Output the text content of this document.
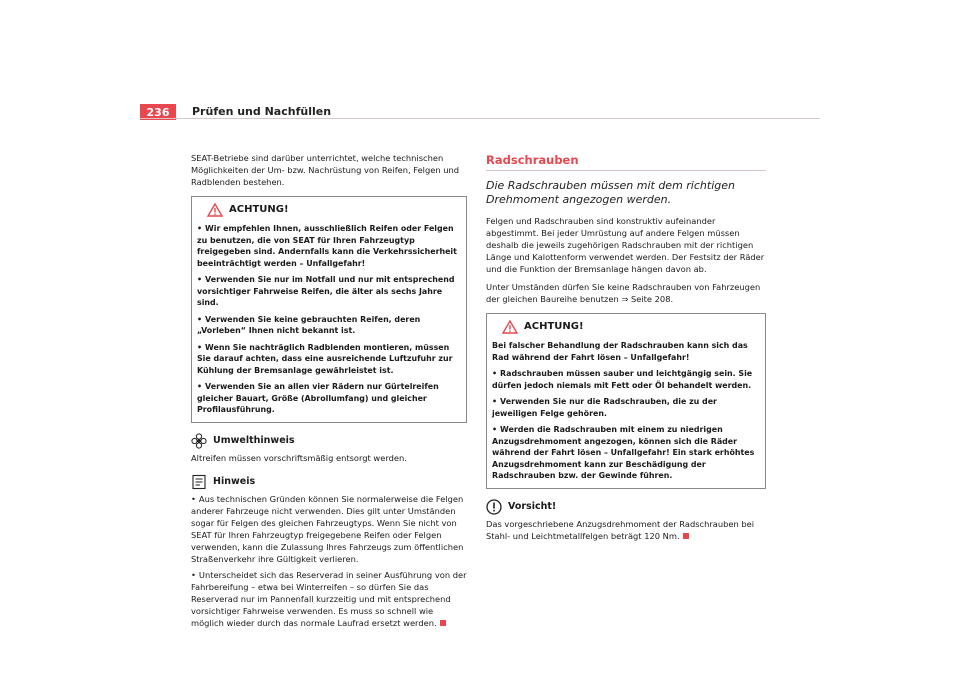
236	Prüfen und Nachfüllen

SEAT-Betriebe sind darüber unterrichtet, welche technischen Möglichkeiten der Um- bzw. Nachrüstung von Reifen, Felgen und Radblenden bestehen.

ACHTUNG!
• Wir empfehlen Ihnen, ausschließlich Reifen oder Felgen zu benutzen, die von SEAT für Ihren Fahrzeugtyp freigegeben sind. Andernfalls kann die Verkehrssicherheit beeinträchtigt werden – Unfallgefahr!
• Verwenden Sie nur im Notfall und nur mit entsprechend vorsichtiger Fahrweise Reifen, die älter als sechs Jahre sind.
• Verwenden Sie keine gebrauchten Reifen, deren „Vorleben“ Ihnen nicht bekannt ist.
• Wenn Sie nachträglich Radblenden montieren, müssen Sie darauf achten, dass eine ausreichende Luftzufuhr zur Kühlung der Bremsanlage gewährleistet ist.
• Verwenden Sie an allen vier Rädern nur Gürtelreifen gleicher Bauart, Größe (Abrollumfang) und gleicher Profilausführung.
Umwelthinweis

Altreifen müssen vorschriftsmäßig entsorgt werden.

Hinweis
• Aus technischen Gründen können Sie normalerweise die Felgen anderer Fahrzeuge nicht verwenden. Dies gilt unter Umständen sogar für Felgen des gleichen Fahrzeugtyps. Wenn Sie nicht von SEAT für Ihren Fahrzeugtyp freigegebene Reifen oder Felgen verwenden, kann die Zulassung Ihres Fahrzeugs zum öffentlichen Straßenverkehr ihre Gültigkeit verlieren.
• Unterscheidet sich das Reserverad in seiner Ausführung von der Fahrbereifung – etwa bei Winterreifen – so dürfen Sie das Reserverad nur im Pannenfall kurzzeitig und mit entsprechend vorsichtiger Fahrweise verwenden. Es muss so schnell wie möglich wieder durch das normale Laufrad ersetzt werden.
Radschrauben
Die Radschrauben müssen mit dem richtigen Drehmoment angezogen werden.

Felgen und Radschrauben sind konstruktiv aufeinander abgestimmt. Bei jeder Umrüstung auf andere Felgen müssen deshalb die jeweils zugehörigen Radschrauben mit der richtigen Länge und Kalottenform verwendet werden. Der Festsitz der Räder und die Funktion der Bremsanlage hängen davon ab.

Unter Umständen dürfen Sie keine Radschrauben von Fahrzeugen der gleichen Baureihe benutzen ⇒ Seite 208.

ACHTUNG!
Bei falscher Behandlung der Radschrauben kann sich das Rad während der Fahrt lösen – Unfallgefahr!
• Radschrauben müssen sauber und leichtgängig sein. Sie dürfen jedoch niemals mit Fett oder Öl behandelt werden.
• Verwenden Sie nur die Radschrauben, die zu der jeweiligen Felge gehören.
• Werden die Radschrauben mit einem zu niedrigen Anzugsdrehmoment angezogen, können sich die Räder während der Fahrt lösen – Unfallgefahr! Ein stark erhöhtes Anzugsdrehmoment kann zur Beschädigung der Radschrauben bzw. der Gewinde führen.
Vorsicht!

Das vorgeschriebene Anzugsdrehmoment der Radschrauben bei Stahl- und Leichtmetallfelgen beträgt 120 Nm.
